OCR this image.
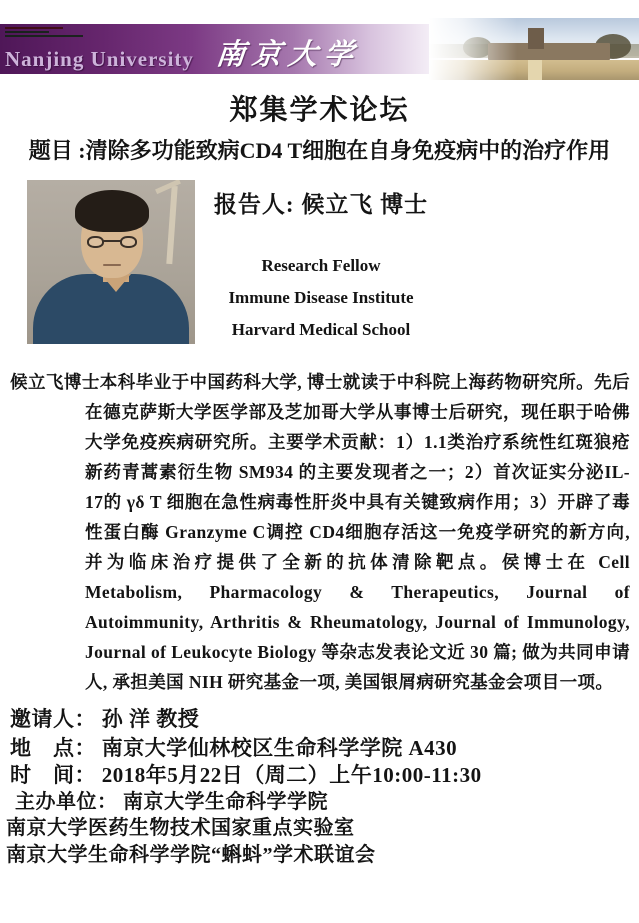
Nanjing University 南京大学
郑集学术论坛
题目 :清除多功能致病CD4 T细胞在自身免疫病中的治疗作用
报告人: 候立飞 博士
Research Fellow
Immune Disease Institute
Harvard Medical School

候立飞博士本科毕业于中国药科大学, 博士就读于中科院上海药物研究所。先后在德克萨斯大学医学部及芝加哥大学从事博士后研究，现任职于哈佛大学免疫疾病研究所。主要学术贡献：1）1.1类治疗系统性红斑狼疮新药青蒿素衍生物 SM934 的主要发现者之一；2）首次证实分泌IL-17的 γδ T 细胞在急性病毒性肝炎中具有关键致病作用；3）开辟了毒性蛋白酶 Granzyme C调控 CD4细胞存活这一免疫学研究的新方向, 并为临床治疗提供了全新的抗体清除靶点。侯博士在 Cell Metabolism, Pharmacology & Therapeutics, Journal of Autoimmunity, Arthritis & Rheumatology, Journal of Immunology, Journal of Leukocyte Biology 等杂志发表论文近 30 篇; 做为共同申请人, 承担美国 NIH 研究基金一项, 美国银屑病研究基金会项目一项。

邀请人： 孙 洋 教授
地　点： 南京大学仙林校区生命科学学院 A430
时　间： 2018年5月22日（周二）上午10:00-11:30
主办单位： 南京大学生命科学学院
南京大学医药生物技术国家重点实验室
南京大学生命科学学院“蝌蚪”学术联谊会
